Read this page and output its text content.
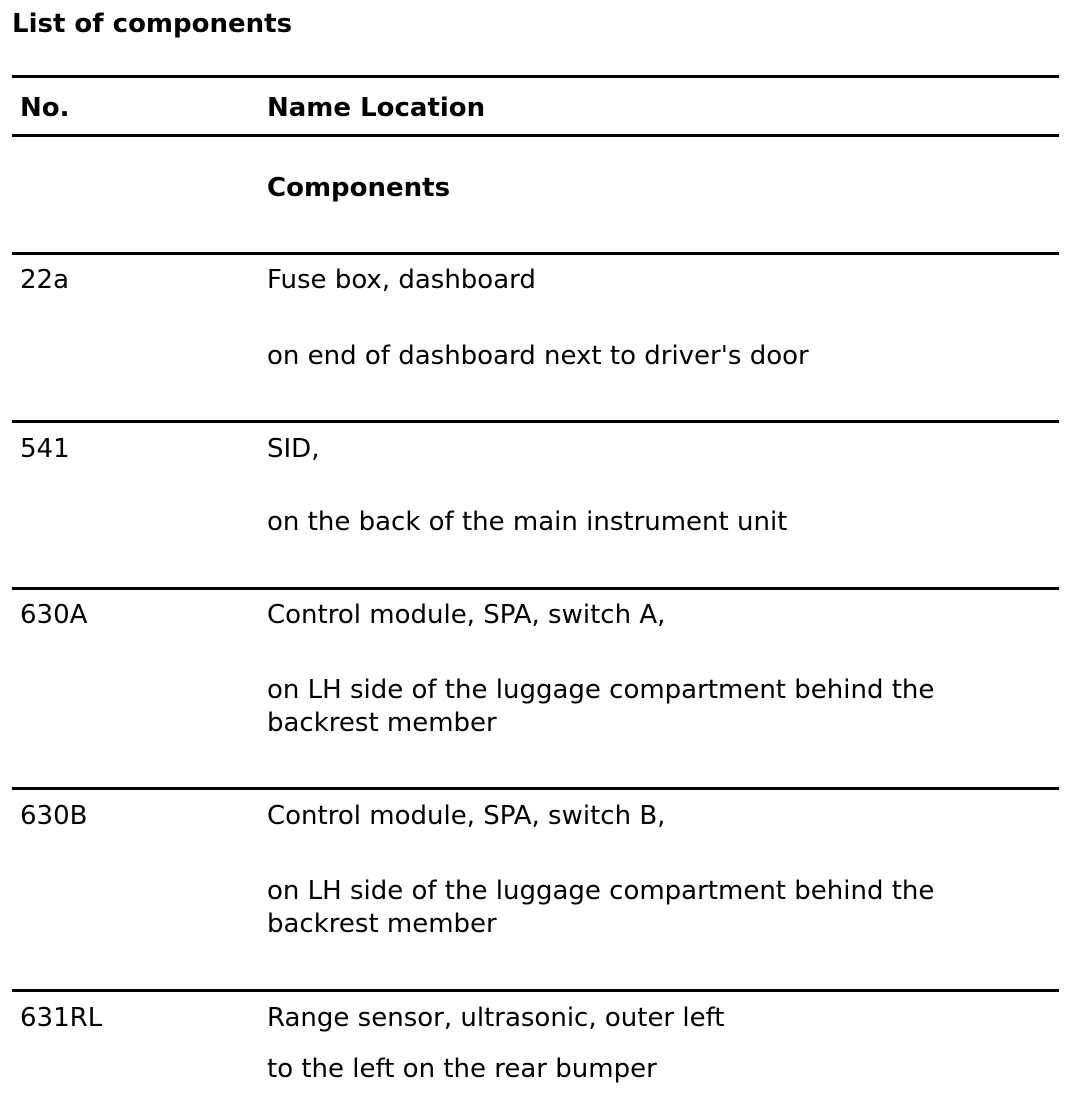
List of components
No.	Name Location
Components
22a	Fuse box, dashboard
on end of dashboard next to driver's door
541	SID,
on the back of the main instrument unit
630A	Control module, SPA, switch A,
on LH side of the luggage compartment behind the backrest member
630B	Control module, SPA, switch B,
on LH side of the luggage compartment behind the backrest member
631RL	Range sensor, ultrasonic, outer left
to the left on the rear bumper
